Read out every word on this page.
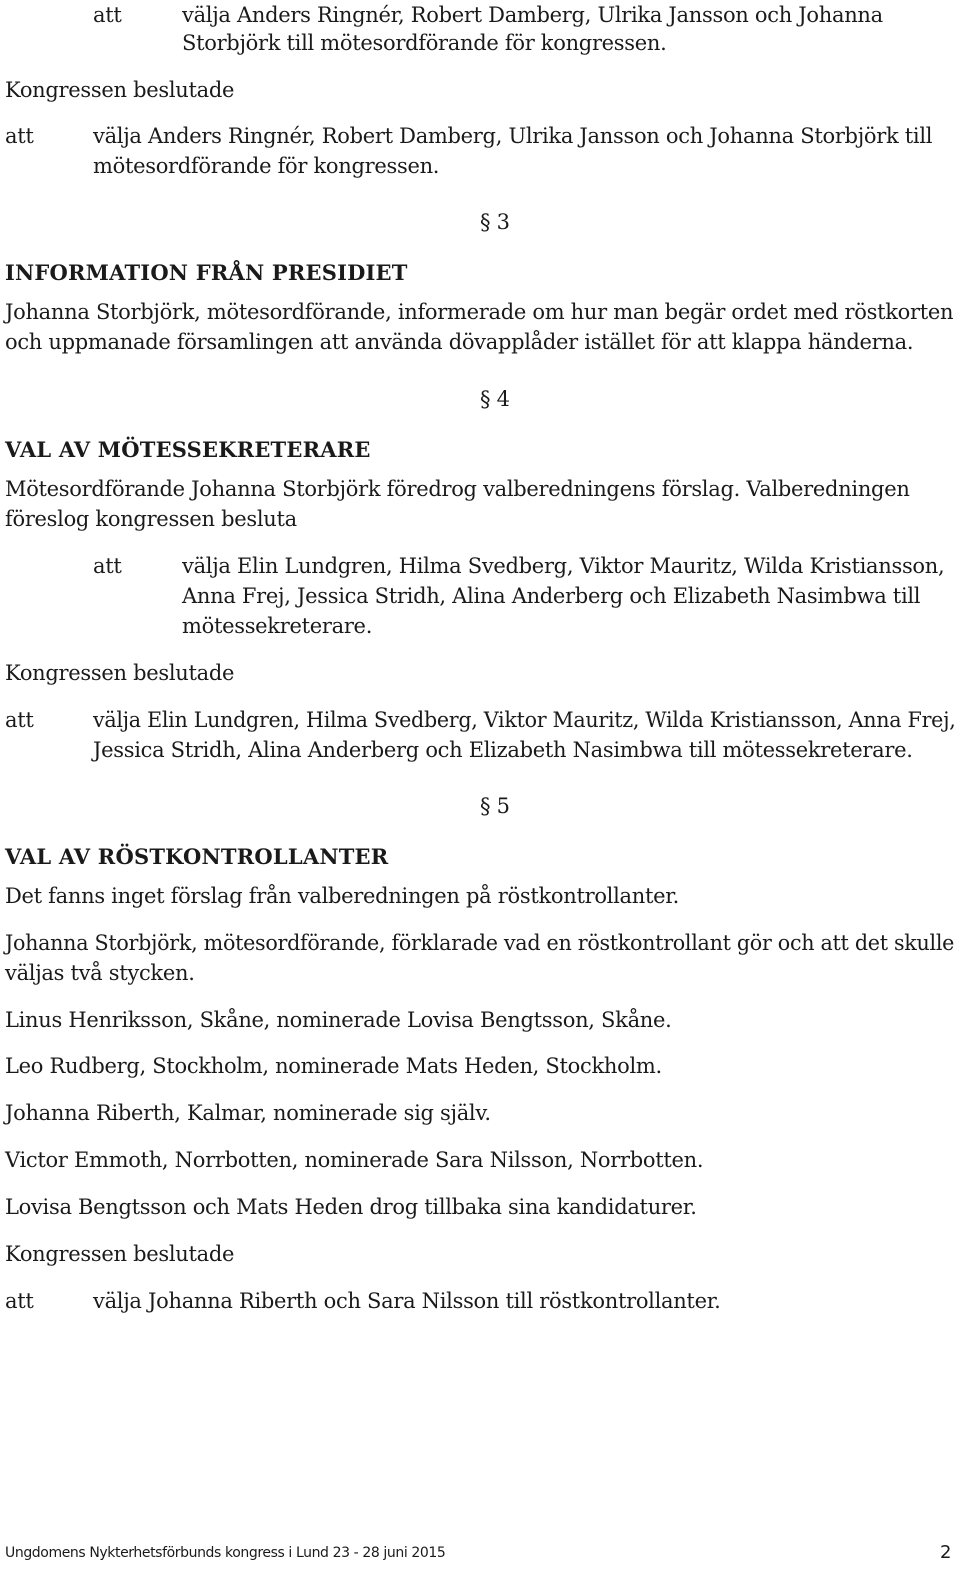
att	välja Anders Ringnér, Robert Damberg, Ulrika Jansson och Johanna
Storbjörk till mötesordförande för kongressen.
Kongressen beslutade
att	välja Anders Ringnér, Robert Damberg, Ulrika Jansson och Johanna Storbjörk till
mötesordförande för kongressen.
§ 3
INFORMATION FRÅN PRESIDIET
Johanna Storbjörk, mötesordförande, informerade om hur man begär ordet med röstkorten
och uppmanade församlingen att använda dövapplåder istället för att klappa händerna.
§ 4
VAL AV MÖTESSEKRETERARE
Mötesordförande Johanna Storbjörk föredrog valberedningens förslag. Valberedningen
föreslog kongressen besluta
att	välja Elin Lundgren, Hilma Svedberg, Viktor Mauritz, Wilda Kristiansson,
Anna Frej, Jessica Stridh, Alina Anderberg och Elizabeth Nasimbwa till
mötessekreterare.
Kongressen beslutade
att	välja Elin Lundgren, Hilma Svedberg, Viktor Mauritz, Wilda Kristiansson, Anna Frej,
Jessica Stridh, Alina Anderberg och Elizabeth Nasimbwa till mötessekreterare.
§ 5
VAL AV RÖSTKONTROLLANTER
Det fanns inget förslag från valberedningen på röstkontrollanter.
Johanna Storbjörk, mötesordförande, förklarade vad en röstkontrollant gör och att det skulle
väljas två stycken.
Linus Henriksson, Skåne, nominerade Lovisa Bengtsson, Skåne.
Leo Rudberg, Stockholm, nominerade Mats Heden, Stockholm.
Johanna Riberth, Kalmar, nominerade sig själv.
Victor Emmoth, Norrbotten, nominerade Sara Nilsson, Norrbotten.
Lovisa Bengtsson och Mats Heden drog tillbaka sina kandidaturer.
Kongressen beslutade
att	välja Johanna Riberth och Sara Nilsson till röstkontrollanter.
Ungdomens Nykterhetsförbunds kongress i Lund 23 - 28 juni 2015	2
